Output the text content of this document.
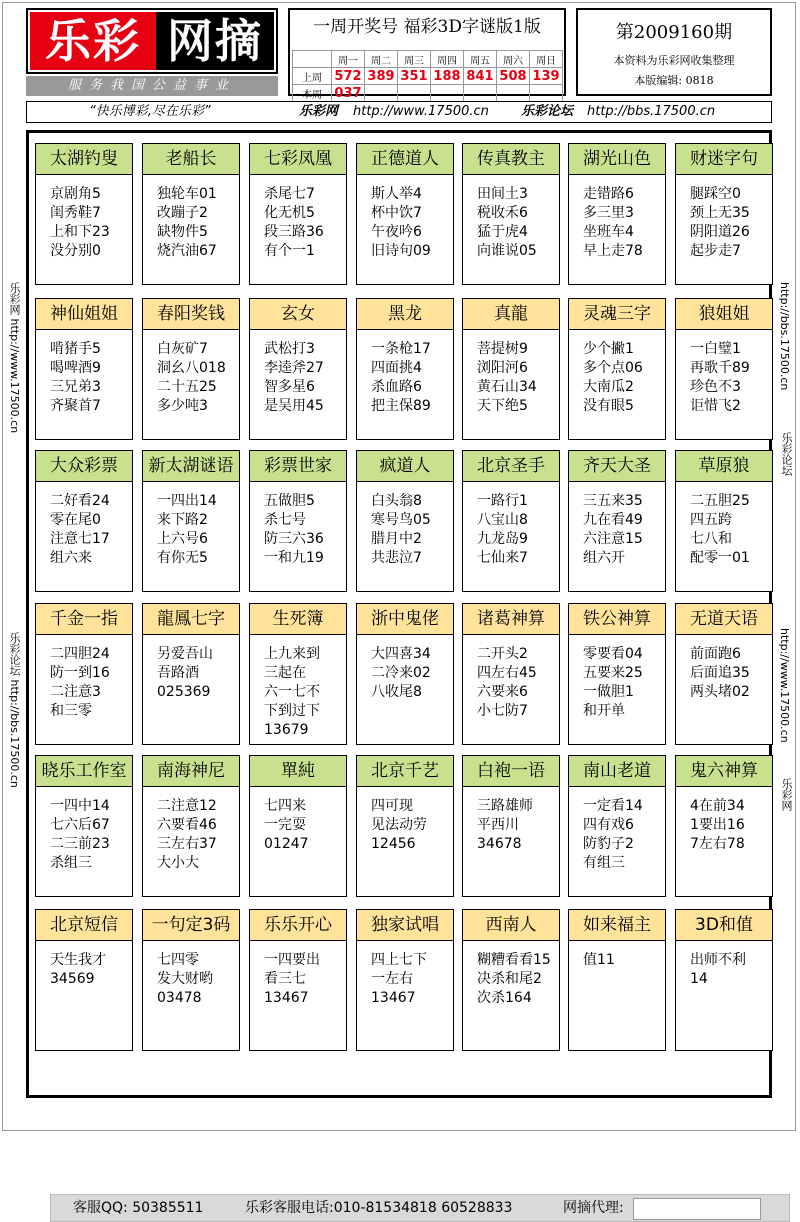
乐彩 网摘
服务我国公益事业
一周开奖号 福彩3D字谜版1版
	周一	周二	周三	周四	周五	周六	周日
上周	572	389	351	188	841	508	139
本周	037						
第2009160期
本资料为乐彩网收集整理
本版编辑: 0818
“快乐博彩,尽在乐彩”	乐彩网 http://www.17500.cn 乐彩论坛 http://bbs.17500.cn
乐彩网 http://www.17500.cn
乐彩论坛 http://bbs.17500.cn
http://bbs.17500.cn
乐彩论坛
http://www.17500.cn
乐彩网
太湖钓叟
京剧角5
闺秀鞋7
上和下23
没分别0
老船长
独轮车01
改蹦子2
缺物件5
烧汽油67
七彩凤凰
杀尾七7
化无机5
段三路36
有个一1
正德道人
斯人举4
杯中饮7
午夜吟6
旧诗句09
传真教主
田间土3
税收禾6
猛于虎4
向谁说05
湖光山色
走错路6
多三里3
坐班车4
早上走78
财迷字句
腿踩空0
颈上无35
阴阳道26
起步走7
神仙姐姐
啃猪手5
喝啤酒9
三兄弟3
齐聚首7
春阳奖钱
白灰矿7
洞幺八018
二十五25
多少吨3
玄女
武松打3
李逵斧27
智多星6
是吴用45
黑龙
一条枪17
四面挑4
杀血路6
把主保89
真龍
菩提树9
浏阳河6
黄石山34
天下绝5
灵魂三字
少个撇1
多个点06
大南瓜2
没有眼5
狼姐姐
一白璧1
再歌千89
珍色不3
讵惜飞2
大众彩票
二好看24
零在尾0
注意七17
组六来
新太湖谜语
一四出14
来下路2
上六号6
有你无5
彩票世家
五做胆5
杀七号
防三六36
一和九19
疯道人
白头翁8
寒号鸟05
腊月中2
共悲泣7
北京圣手
一路行1
八宝山8
九龙岛9
七仙来7
齐天大圣
三五来35
九在看49
六注意15
组六开
草原狼
二五胆25
四五跨
七八和
配零一01
千金一指
二四胆24
防一到16
二注意3
和三零
龍鳳七字
另爱吾山
吾路酒
025369
生死簿
上九来到
三起在
六一七不
下到过下
13679
浙中鬼佬
大四喜34
二冷来02
八收尾8
诸葛神算
二开头2
四左右45
六要来6
小七防7
铁公神算
零要看04
五要来25
一做胆1
和开单
无道天语
前面跑6
后面追35
两头堵02
晓乐工作室
一四中14
七六后67
二三前23
杀组三
南海神尼
二注意12
六要看46
三左右37
大小大
單純
七四来
一完耍
01247
北京千艺
四可现
见法动劳
12456
白袍一语
三路雄师
平西川
34678
南山老道
一定看14
四有戏6
防豹子2
有组三
鬼六神算
4在前34
1要出16
7左右78
北京短信
天生我才
34569
一句定3码
七四零
发大财哟
03478
乐乐开心
一四要出
看三七
13467
独家试唱
四上七下
一左右
13467
西南人
糊糟看看15
决杀和尾2
次杀164
如来福主
值11
3D和值
出师不利
14
客服QQ: 50385511	乐彩客服电话:010-81534818 60528833	网摘代理:
